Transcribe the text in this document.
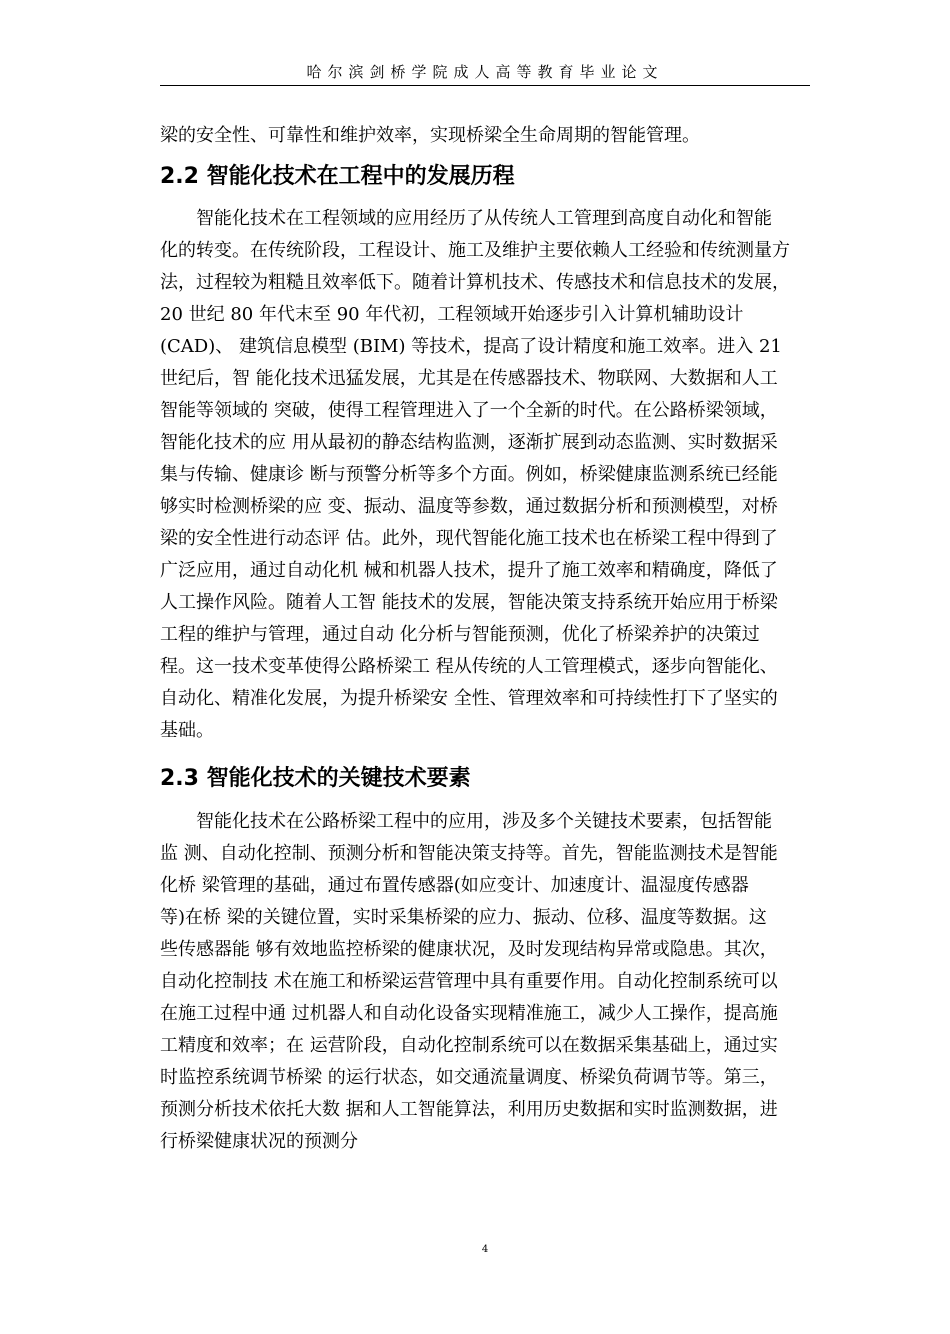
哈尔滨剑桥学院成人高等教育毕业论文
梁的安全性、可靠性和维护效率，实现桥梁全生命周期的智能管理。
2.2 智能化技术在工程中的发展历程
　　智能化技术在工程领域的应用经历了从传统人工管理到高度自动化和智能
化的转变。在传统阶段，工程设计、施工及维护主要依赖人工经验和传统测量方
法，过程较为粗糙且效率低下。随着计算机技术、传感技术和信息技术的发展，
20 世纪 80 年代末至 90 年代初，工程领域开始逐步引入计算机辅助设计
(CAD)、 建筑信息模型 (BIM) 等技术，提高了设计精度和施工效率。进入 21
世纪后，智 能化技术迅猛发展，尤其是在传感器技术、物联网、大数据和人工
智能等领域的 突破，使得工程管理进入了一个全新的时代。在公路桥梁领域，
智能化技术的应 用从最初的静态结构监测，逐渐扩展到动态监测、实时数据采
集与传输、健康诊 断与预警分析等多个方面。例如，桥梁健康监测系统已经能
够实时检测桥梁的应 变、振动、温度等参数，通过数据分析和预测模型，对桥
梁的安全性进行动态评 估。此外，现代智能化施工技术也在桥梁工程中得到了
广泛应用，通过自动化机 械和机器人技术，提升了施工效率和精确度，降低了
人工操作风险。随着人工智 能技术的发展，智能决策支持系统开始应用于桥梁
工程的维护与管理，通过自动 化分析与智能预测，优化了桥梁养护的决策过
程。这一技术变革使得公路桥梁工 程从传统的人工管理模式，逐步向智能化、
自动化、精准化发展，为提升桥梁安 全性、管理效率和可持续性打下了坚实的
基础。
2.3 智能化技术的关键技术要素
　　智能化技术在公路桥梁工程中的应用，涉及多个关键技术要素，包括智能
监 测、自动化控制、预测分析和智能决策支持等。首先，智能监测技术是智能
化桥 梁管理的基础，通过布置传感器(如应变计、加速度计、温湿度传感器
等)在桥 梁的关键位置，实时采集桥梁的应力、振动、位移、温度等数据。这
些传感器能 够有效地监控桥梁的健康状况，及时发现结构异常或隐患。其次，
自动化控制技 术在施工和桥梁运营管理中具有重要作用。自动化控制系统可以
在施工过程中通 过机器人和自动化设备实现精准施工，减少人工操作，提高施
工精度和效率；在 运营阶段，自动化控制系统可以在数据采集基础上，通过实
时监控系统调节桥梁 的运行状态，如交通流量调度、桥梁负荷调节等。第三，
预测分析技术依托大数 据和人工智能算法，利用历史数据和实时监测数据，进
行桥梁健康状况的预测分
4
